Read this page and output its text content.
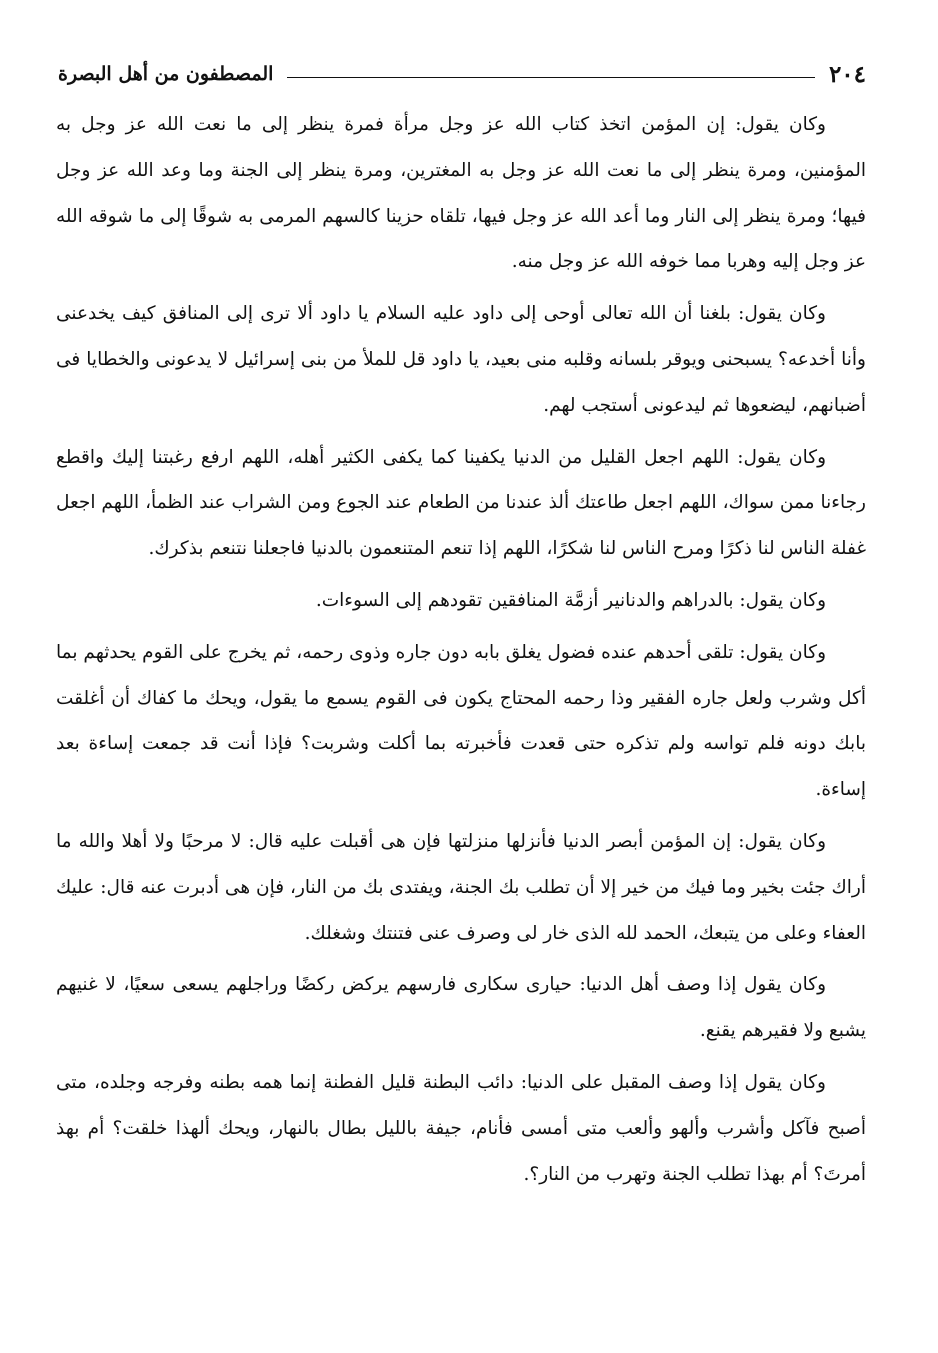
٢٠٤
المصطفون من أهل البصرة

وكان يقول: إن المؤمن اتخذ كتاب الله عز وجل مرأة فمرة ينظر إلى ما نعت الله عز وجل به المؤمنين، ومرة ينظر إلى ما نعت الله عز وجل به المغترين، ومرة ينظر إلى الجنة وما وعد الله عز وجل فيها؛ ومرة ينظر إلى النار وما أعد الله عز وجل فيها، تلقاه حزينا كالسهم المرمى به شوقًا إلى ما شوقه الله عز وجل إليه وهربا مما خوفه الله عز وجل منه.

وكان يقول: بلغنا أن الله تعالى أوحى إلى داود عليه السلام يا داود ألا ترى إلى المنافق كيف يخدعنى وأنا أخدعه؟ يسبحنى ويوقر بلسانه وقلبه منى بعيد، يا داود قل للملأ من بنى إسرائيل لا يدعونى والخطايا فى أضبانهم، ليضعوها ثم ليدعونى أستجب لهم.

وكان يقول: اللهم اجعل القليل من الدنيا يكفينا كما يكفى الكثير أهله، اللهم ارفع رغبتنا إليك واقطع رجاءنا ممن سواك، اللهم اجعل طاعتك ألذ عندنا من الطعام عند الجوع ومن الشراب عند الظمأ، اللهم اجعل غفلة الناس لنا ذكرًا ومرح الناس لنا شكرًا، اللهم إذا تنعم المتنعمون بالدنيا فاجعلنا نتنعم بذكرك.

وكان يقول: بالدراهم والدنانير أزمَّة المنافقين تقودهم إلى السوءات.

وكان يقول: تلقى أحدهم عنده فضول يغلق بابه دون جاره وذوى رحمه، ثم يخرج على القوم يحدثهم بما أكل وشرب ولعل جاره الفقير وذا رحمه المحتاج يكون فى القوم يسمع ما يقول، ويحك ما كفاك أن أغلقت بابك دونه فلم تواسه ولم تذكره حتى قعدت فأخبرته بما أكلت وشربت؟ فإذا أنت قد جمعت إساءة بعد إساءة.

وكان يقول: إن المؤمن أبصر الدنيا فأنزلها منزلتها فإن هى أقبلت عليه قال: لا مرحبًا ولا أهلا والله ما أراك جئت بخير وما فيك من خير إلا أن تطلب بك الجنة، ويفتدى بك من النار، فإن هى أدبرت عنه قال: عليك العفاء وعلى من يتبعك، الحمد لله الذى خار لى وصرف عنى فتنتك وشغلك.

وكان يقول إذا وصف أهل الدنيا: حيارى سكارى فارسهم يركض ركضًا وراجلهم يسعى سعيًا، لا غنيهم يشبع ولا فقيرهم يقنع.

وكان يقول إذا وصف المقبل على الدنيا: دائب البطنة قليل الفطنة إنما همه بطنه وفرجه وجلده، متى أصبح فآكل وأشرب وألهو وألعب متى أمسى فأنام، جيفة بالليل بطال بالنهار، ويحك ألهذا خلقت؟ أم بهذ أمرتَ؟ أم بهذا تطلب الجنة وتهرب من النار؟.
